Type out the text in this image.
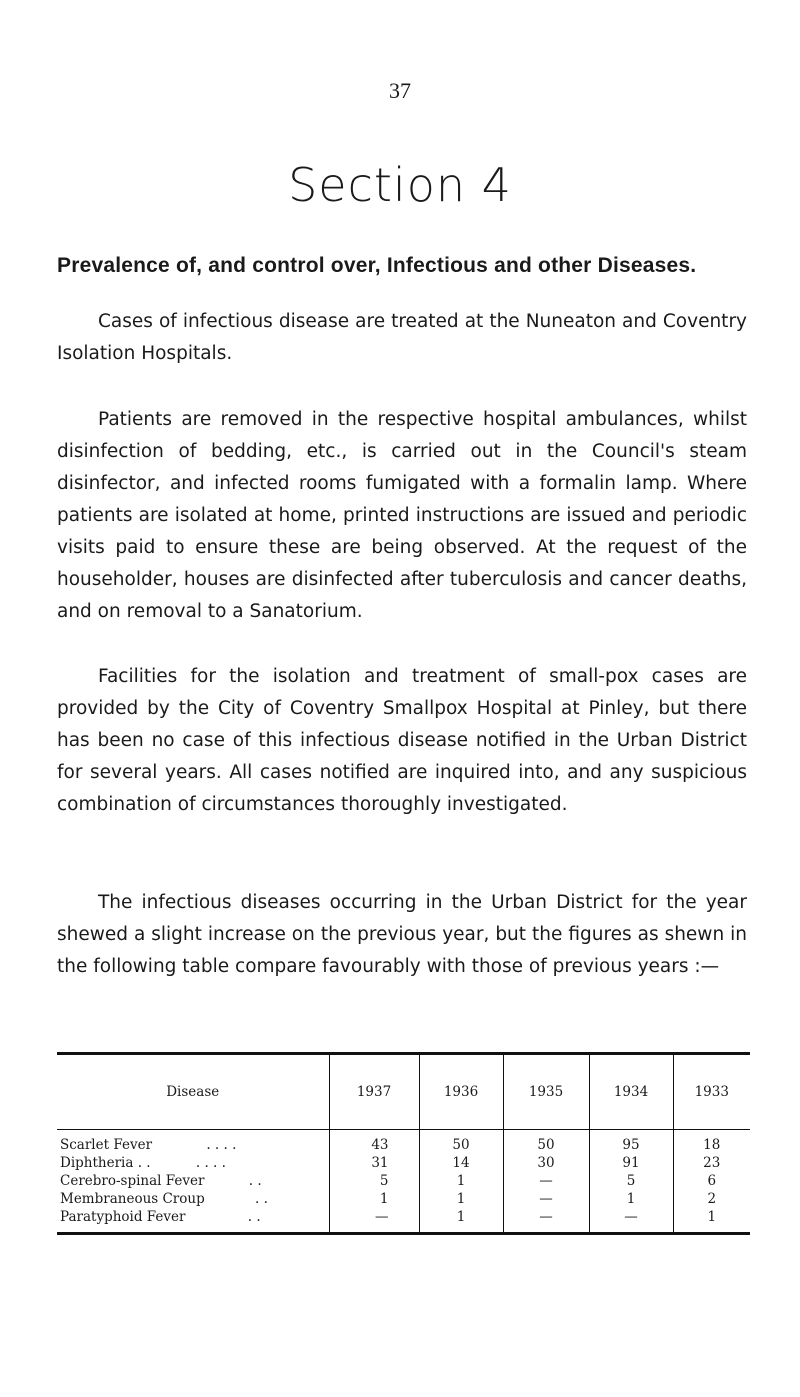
37
Section 4
Prevalence of, and control over, Infectious and other Diseases.

Cases of infectious disease are treated at the Nuneaton and Coventry Isolation Hospitals.

Patients are removed in the respective hospital ambulances, whilst disinfection of bedding, etc., is carried out in the Council's steam disinfector, and infected rooms fumigated with a formalin lamp. Where patients are isolated at home, printed instructions are issued and periodic visits paid to ensure these are being observed. At the request of the householder, houses are disinfected after tuberculosis and cancer deaths, and on removal to a Sanatorium.

Facilities for the isolation and treatment of small-pox cases are provided by the City of Coventry Smallpox Hospital at Pinley, but there has been no case of this infectious disease notified in the Urban District for several years. All cases notified are inquired into, and any suspicious combination of circumstances thoroughly investigated.

The infectious diseases occurring in the Urban District for the year shewed a slight increase on the previous year, but the figures as shewn in the following table compare favourably with those of previous years :—

Disease	1937	1936	1935	1934	1933
Scarlet Fever . . . .	43	50	50	95	18
Diphtheria . . . . . .	31	14	30	91	23
Cerebro-spinal Fever . .	5	1	—	5	6
Membraneous Croup . .	1	1	—	1	2
Paratyphoid Fever . .	—	1	—	—	1
